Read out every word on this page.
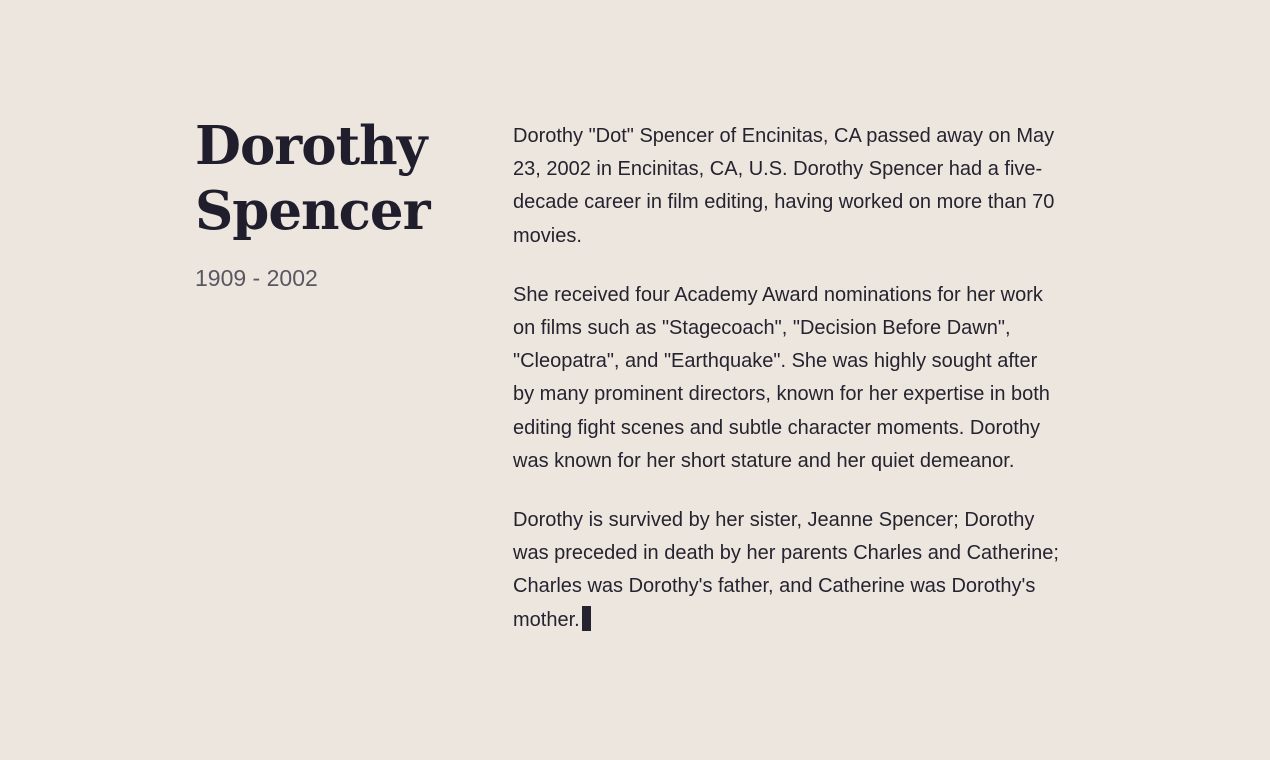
Dorothy
Spencer
1909 - 2002

Dorothy "Dot" Spencer of Encinitas, CA passed away on May 23, 2002 in Encinitas, CA, U.S. Dorothy Spencer had a five-decade career in film editing, having worked on more than 70 movies.

She received four Academy Award nominations for her work on films such as "Stagecoach", "Decision Before Dawn", "Cleopatra", and "Earthquake". She was highly sought after by many prominent directors, known for her expertise in both editing fight scenes and subtle character moments. Dorothy was known for her short stature and her quiet demeanor.

Dorothy is survived by her sister, Jeanne Spencer; Dorothy was preceded in death by her parents Charles and Catherine; Charles was Dorothy's father, and Catherine was Dorothy's mother.
